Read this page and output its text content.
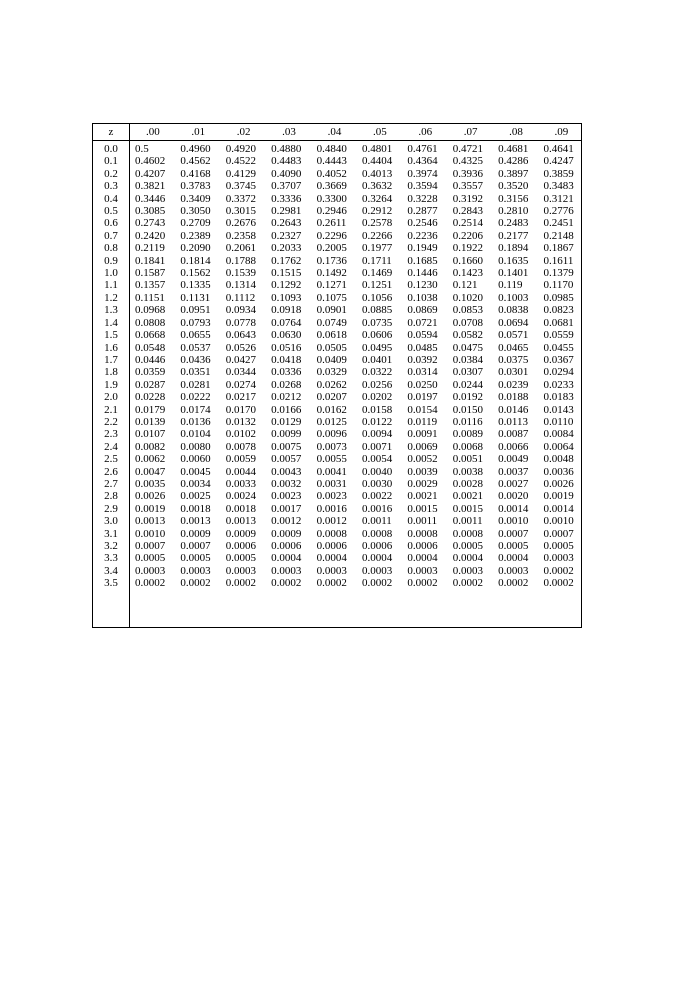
z	.00	.01	.02	.03	.04	.05	.06	.07	.08	.09
0.0	0.5	0.4960	0.4920	0.4880	0.4840	0.4801	0.4761	0.4721	0.4681	0.4641
0.1	0.4602	0.4562	0.4522	0.4483	0.4443	0.4404	0.4364	0.4325	0.4286	0.4247
0.2	0.4207	0.4168	0.4129	0.4090	0.4052	0.4013	0.3974	0.3936	0.3897	0.3859
0.3	0.3821	0.3783	0.3745	0.3707	0.3669	0.3632	0.3594	0.3557	0.3520	0.3483
0.4	0.3446	0.3409	0.3372	0.3336	0.3300	0.3264	0.3228	0.3192	0.3156	0.3121
0.5	0.3085	0.3050	0.3015	0.2981	0.2946	0.2912	0.2877	0.2843	0.2810	0.2776
0.6	0.2743	0.2709	0.2676	0.2643	0.2611	0.2578	0.2546	0.2514	0.2483	0.2451
0.7	0.2420	0.2389	0.2358	0.2327	0.2296	0.2266	0.2236	0.2206	0.2177	0.2148
0.8	0.2119	0.2090	0.2061	0.2033	0.2005	0.1977	0.1949	0.1922	0.1894	0.1867
0.9	0.1841	0.1814	0.1788	0.1762	0.1736	0.1711	0.1685	0.1660	0.1635	0.1611
1.0	0.1587	0.1562	0.1539	0.1515	0.1492	0.1469	0.1446	0.1423	0.1401	0.1379
1.1	0.1357	0.1335	0.1314	0.1292	0.1271	0.1251	0.1230	0.121	0.119	0.1170
1.2	0.1151	0.1131	0.1112	0.1093	0.1075	0.1056	0.1038	0.1020	0.1003	0.0985
1.3	0.0968	0.0951	0.0934	0.0918	0.0901	0.0885	0.0869	0.0853	0.0838	0.0823
1.4	0.0808	0.0793	0.0778	0.0764	0.0749	0.0735	0.0721	0.0708	0.0694	0.0681
1.5	0.0668	0.0655	0.0643	0.0630	0.0618	0.0606	0.0594	0.0582	0.0571	0.0559
1.6	0.0548	0.0537	0.0526	0.0516	0.0505	0.0495	0.0485	0.0475	0.0465	0.0455
1.7	0.0446	0.0436	0.0427	0.0418	0.0409	0.0401	0.0392	0.0384	0.0375	0.0367
1.8	0.0359	0.0351	0.0344	0.0336	0.0329	0.0322	0.0314	0.0307	0.0301	0.0294
1.9	0.0287	0.0281	0.0274	0.0268	0.0262	0.0256	0.0250	0.0244	0.0239	0.0233
2.0	0.0228	0.0222	0.0217	0.0212	0.0207	0.0202	0.0197	0.0192	0.0188	0.0183
2.1	0.0179	0.0174	0.0170	0.0166	0.0162	0.0158	0.0154	0.0150	0.0146	0.0143
2.2	0.0139	0.0136	0.0132	0.0129	0.0125	0.0122	0.0119	0.0116	0.0113	0.0110
2.3	0.0107	0.0104	0.0102	0.0099	0.0096	0.0094	0.0091	0.0089	0.0087	0.0084
2.4	0.0082	0.0080	0.0078	0.0075	0.0073	0.0071	0.0069	0.0068	0.0066	0.0064
2.5	0.0062	0.0060	0.0059	0.0057	0.0055	0.0054	0.0052	0.0051	0.0049	0.0048
2.6	0.0047	0.0045	0.0044	0.0043	0.0041	0.0040	0.0039	0.0038	0.0037	0.0036
2.7	0.0035	0.0034	0.0033	0.0032	0.0031	0.0030	0.0029	0.0028	0.0027	0.0026
2.8	0.0026	0.0025	0.0024	0.0023	0.0023	0.0022	0.0021	0.0021	0.0020	0.0019
2.9	0.0019	0.0018	0.0018	0.0017	0.0016	0.0016	0.0015	0.0015	0.0014	0.0014
3.0	0.0013	0.0013	0.0013	0.0012	0.0012	0.0011	0.0011	0.0011	0.0010	0.0010
3.1	0.0010	0.0009	0.0009	0.0009	0.0008	0.0008	0.0008	0.0008	0.0007	0.0007
3.2	0.0007	0.0007	0.0006	0.0006	0.0006	0.0006	0.0006	0.0005	0.0005	0.0005
3.3	0.0005	0.0005	0.0005	0.0004	0.0004	0.0004	0.0004	0.0004	0.0004	0.0003
3.4	0.0003	0.0003	0.0003	0.0003	0.0003	0.0003	0.0003	0.0003	0.0003	0.0002
3.5	0.0002	0.0002	0.0002	0.0002	0.0002	0.0002	0.0002	0.0002	0.0002	0.0002
